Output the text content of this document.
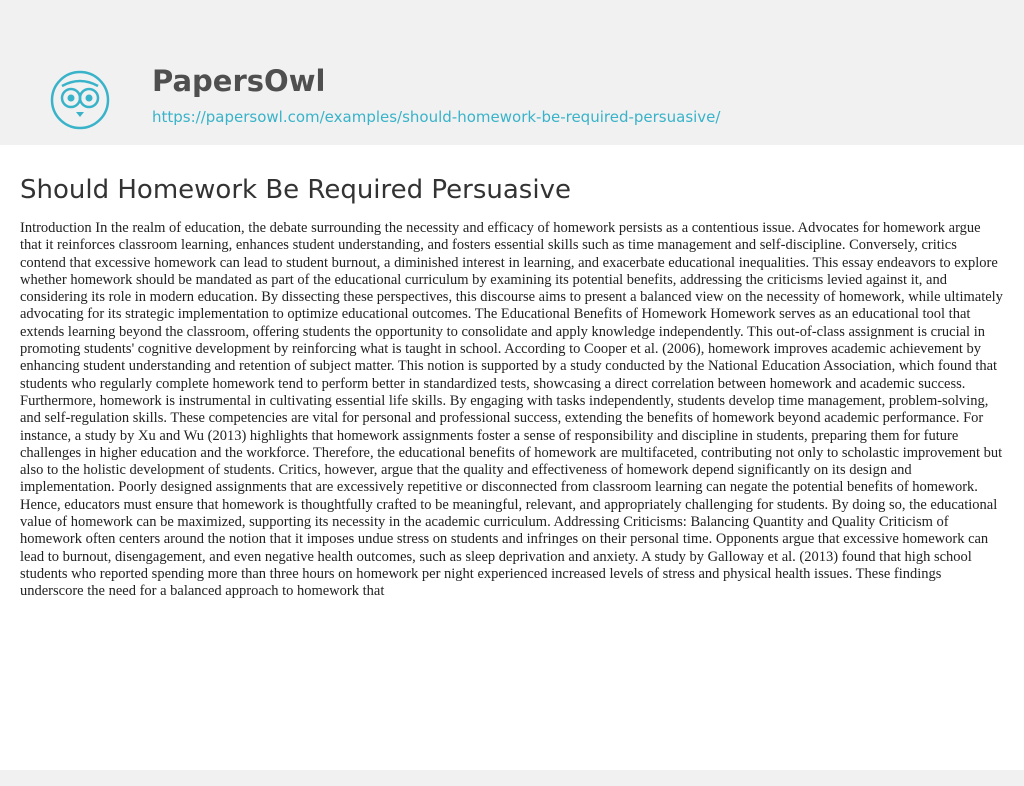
PapersOwl
https://papersowl.com/examples/should-homework-be-required-persuasive/
Should Homework Be Required Persuasive

Introduction In the realm of education, the debate surrounding the necessity and efficacy of homework persists as a contentious issue. Advocates for homework argue that it reinforces classroom learning, enhances student understanding, and fosters essential skills such as time management and self-discipline. Conversely, critics contend that excessive homework can lead to student burnout, a diminished interest in learning, and exacerbate educational inequalities. This essay endeavors to explore whether homework should be mandated as part of the educational curriculum by examining its potential benefits, addressing the criticisms levied against it, and considering its role in modern education. By dissecting these perspectives, this discourse aims to present a balanced view on the necessity of homework, while ultimately advocating for its strategic implementation to optimize educational outcomes. The Educational Benefits of Homework Homework serves as an educational tool that extends learning beyond the classroom, offering students the opportunity to consolidate and apply knowledge independently. This out-of-class assignment is crucial in promoting students' cognitive development by reinforcing what is taught in school. According to Cooper et al. (2006), homework improves academic achievement by enhancing student understanding and retention of subject matter. This notion is supported by a study conducted by the National Education Association, which found that students who regularly complete homework tend to perform better in standardized tests, showcasing a direct correlation between homework and academic success. Furthermore, homework is instrumental in cultivating essential life skills. By engaging with tasks independently, students develop time management, problem-solving, and self-regulation skills. These competencies are vital for personal and professional success, extending the benefits of homework beyond academic performance. For instance, a study by Xu and Wu (2013) highlights that homework assignments foster a sense of responsibility and discipline in students, preparing them for future challenges in higher education and the workforce. Therefore, the educational benefits of homework are multifaceted, contributing not only to scholastic improvement but also to the holistic development of students. Critics, however, argue that the quality and effectiveness of homework depend significantly on its design and implementation. Poorly designed assignments that are excessively repetitive or disconnected from classroom learning can negate the potential benefits of homework. Hence, educators must ensure that homework is thoughtfully crafted to be meaningful, relevant, and appropriately challenging for students. By doing so, the educational value of homework can be maximized, supporting its necessity in the academic curriculum. Addressing Criticisms: Balancing Quantity and Quality Criticism of homework often centers around the notion that it imposes undue stress on students and infringes on their personal time. Opponents argue that excessive homework can lead to burnout, disengagement, and even negative health outcomes, such as sleep deprivation and anxiety. A study by Galloway et al. (2013) found that high school students who reported spending more than three hours on homework per night experienced increased levels of stress and physical health issues. These findings underscore the need for a balanced approach to homework that
